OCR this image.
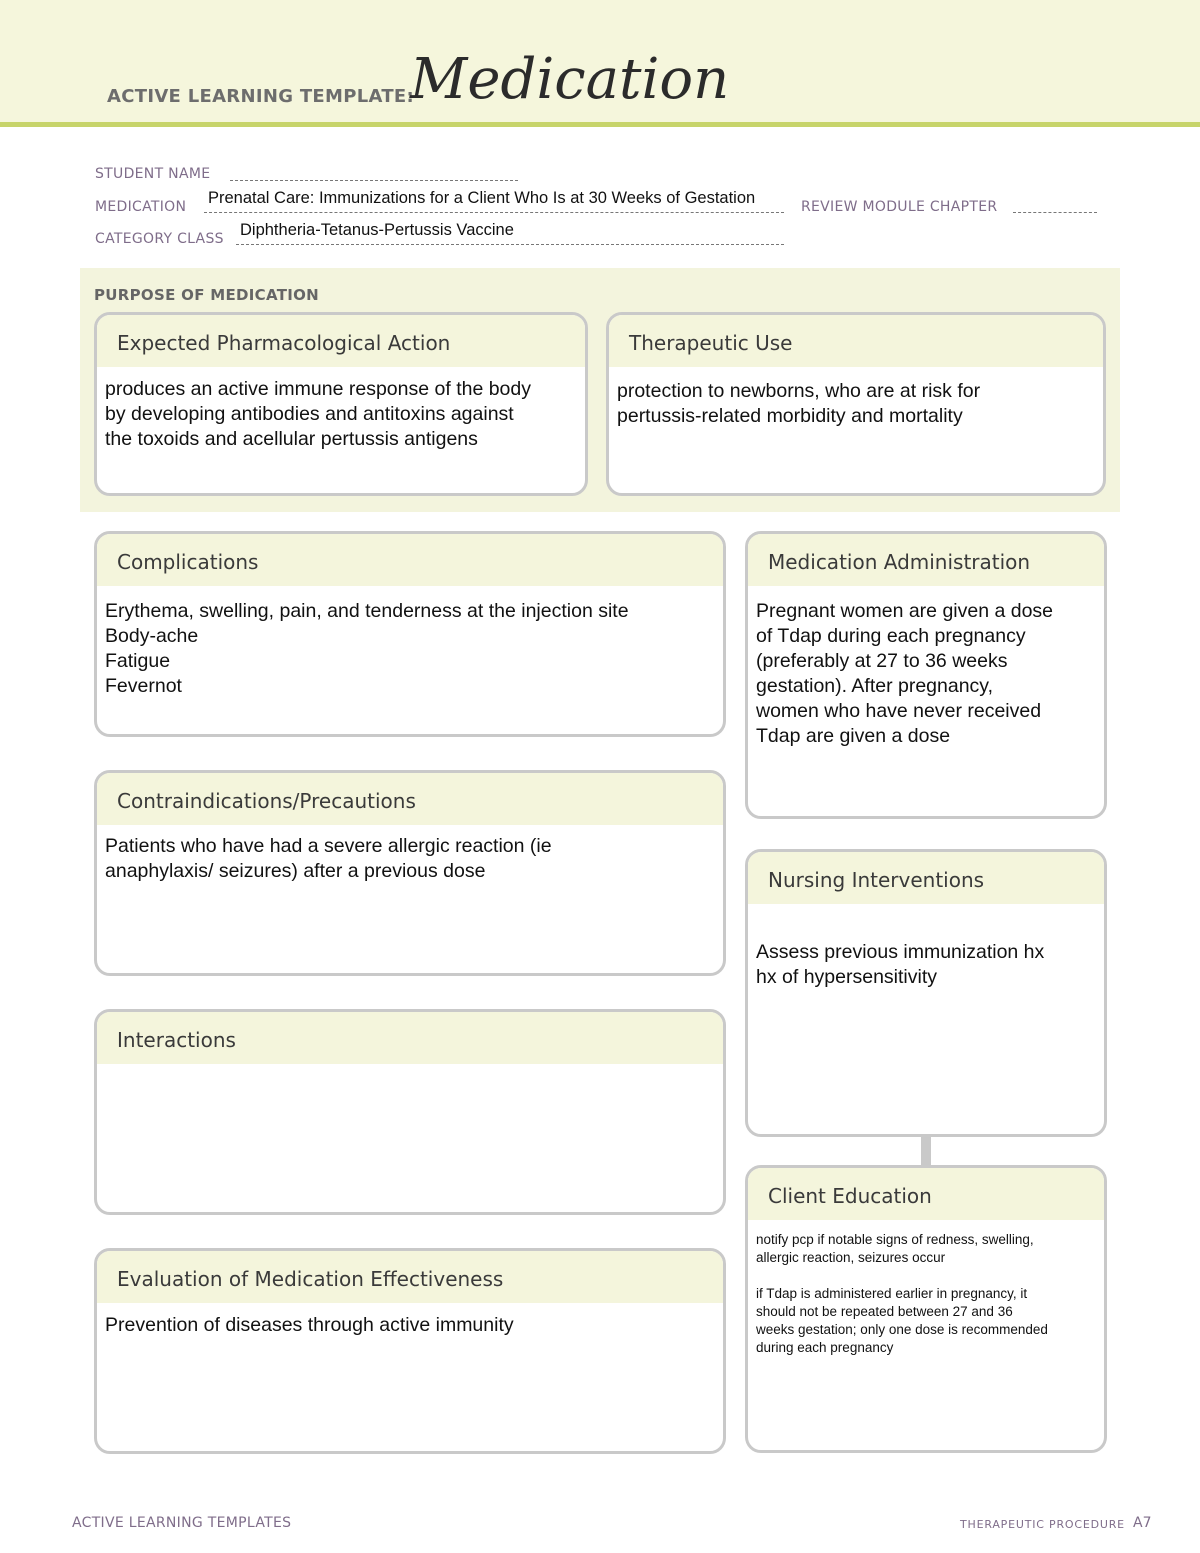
ACTIVE LEARNING TEMPLATE:
Medication
STUDENT NAME
MEDICATION Prenatal Care: Immunizations for a Client Who Is at 30 Weeks of Gestation	REVIEW MODULE CHAPTER
CATEGORY CLASS Diphtheria-Tetanus-Pertussis Vaccine
PURPOSE OF MEDICATION
Expected Pharmacological Action
produces an active immune response of the body
by developing antibodies and antitoxins against
the toxoids and acellular pertussis antigens
Therapeutic Use
protection to newborns, who are at risk for
pertussis-related morbidity and mortality
Complications
Erythema, swelling, pain, and tenderness at the injection site
Body-ache
Fatigue
Fevernot
Medication Administration
Pregnant women are given a dose
of Tdap during each pregnancy
(preferably at 27 to 36 weeks
gestation). After pregnancy,
women who have never received
Tdap are given a dose
Contraindications/Precautions
Patients who have had a severe allergic reaction (ie
anaphylaxis/ seizures) after a previous dose	Nursing Interventions
Assess previous immunization hx
hx of hypersensitivity
Interactions
Client Education
notify pcp if notable signs of redness, swelling,
allergic reaction, seizures occur
if Tdap is administered earlier in pregnancy, it
should not be repeated between 27 and 36
weeks gestation; only one dose is recommended
during each pregnancy
Evaluation of Medication Effectiveness
Prevention of diseases through active immunity
ACTIVE LEARNING TEMPLATES	THERAPEUTIC PROCEDURE A7
